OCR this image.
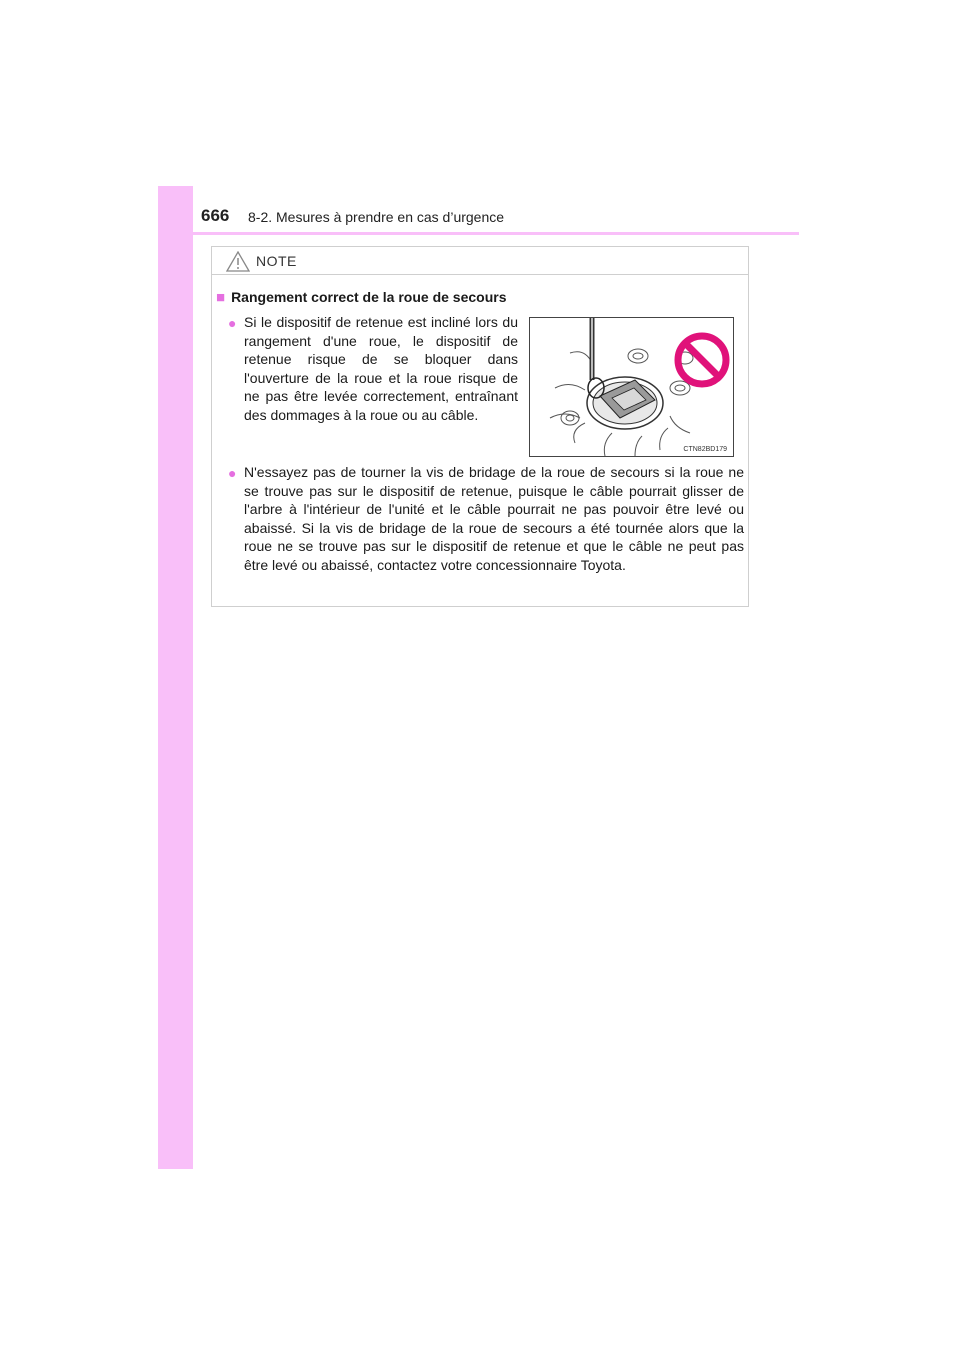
666 8-2. Mesures à prendre en cas d’urgence
NOTE
■ Rangement correct de la roue de secours
● Si le dispositif de retenue est incliné lors du rangement d'une roue, le dispositif de retenue risque de se bloquer dans l'ouverture de la roue et la roue risque de ne pas être levée correctement, entraînant des dommages à la roue ou au câble.
CTN82BD179
● N'essayez pas de tourner la vis de bridage de la roue de secours si la roue ne se trouve pas sur le dispositif de retenue, puisque le câble pourrait glisser de l'arbre à l'intérieur de l'unité et le câble pourrait ne pas pouvoir être levé ou abaissé. Si la vis de bridage de la roue de secours a été tournée alors que la roue ne se trouve pas sur le dispositif de retenue et que le câble ne peut pas être levé ou abaissé, contactez votre concessionnaire Toyota.
